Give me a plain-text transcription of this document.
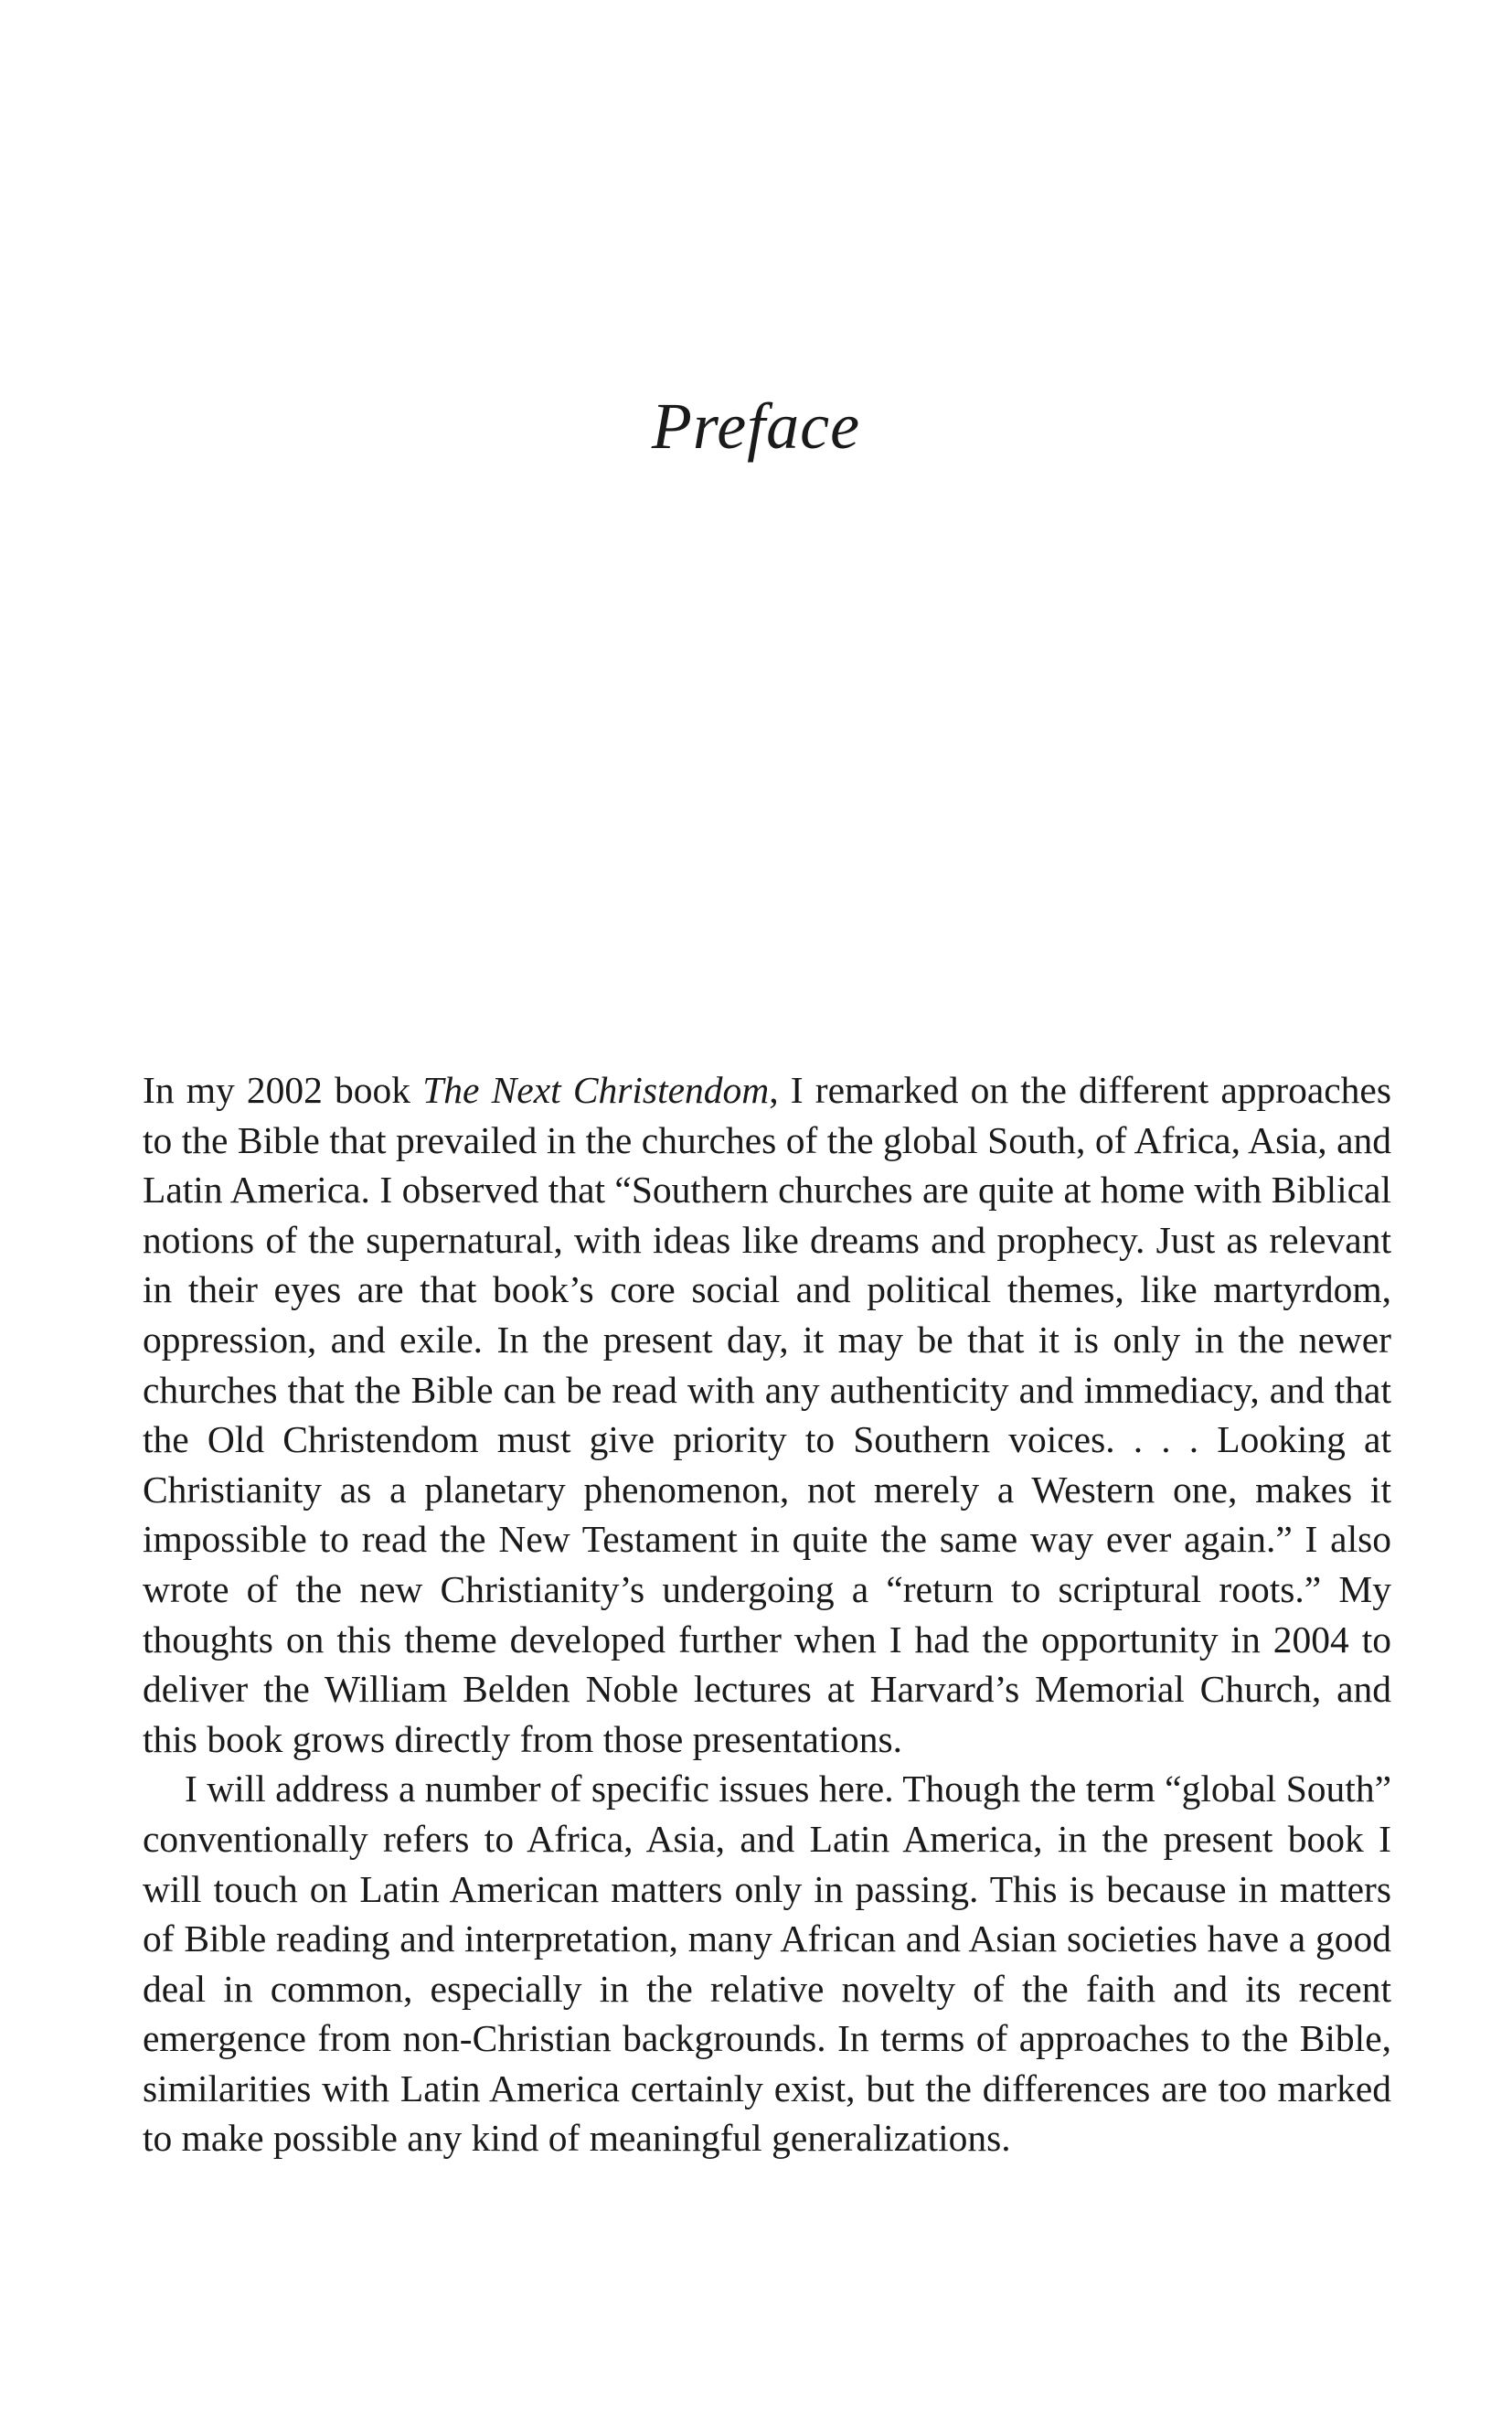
Preface

In my 2002 book The Next Christendom, I remarked on the different approaches to the Bible that prevailed in the churches of the global South, of Africa, Asia, and Latin America. I observed that “Southern churches are quite at home with Biblical notions of the supernatural, with ideas like dreams and prophecy. Just as relevant in their eyes are that book’s core social and political themes, like martyrdom, oppression, and exile. In the present day, it may be that it is only in the newer churches that the Bible can be read with any authenticity and immediacy, and that the Old Christendom must give priority to Southern voices. . . . Looking at Christianity as a planetary phenomenon, not merely a Western one, makes it impossible to read the New Testament in quite the same way ever again.” I also wrote of the new Christianity’s undergoing a “return to scriptural roots.” My thoughts on this theme developed further when I had the opportunity in 2004 to deliver the William Belden Noble lectures at Harvard’s Memorial Church, and this book grows directly from those presentations.

I will address a number of specific issues here. Though the term “global South” conventionally refers to Africa, Asia, and Latin America, in the present book I will touch on Latin American matters only in passing. This is because in matters of Bible reading and interpretation, many African and Asian societies have a good deal in common, especially in the relative novelty of the faith and its recent emergence from non-Christian backgrounds. In terms of approaches to the Bible, similarities with Latin America certainly exist, but the differences are too marked to make possible any kind of meaningful generalizations.
